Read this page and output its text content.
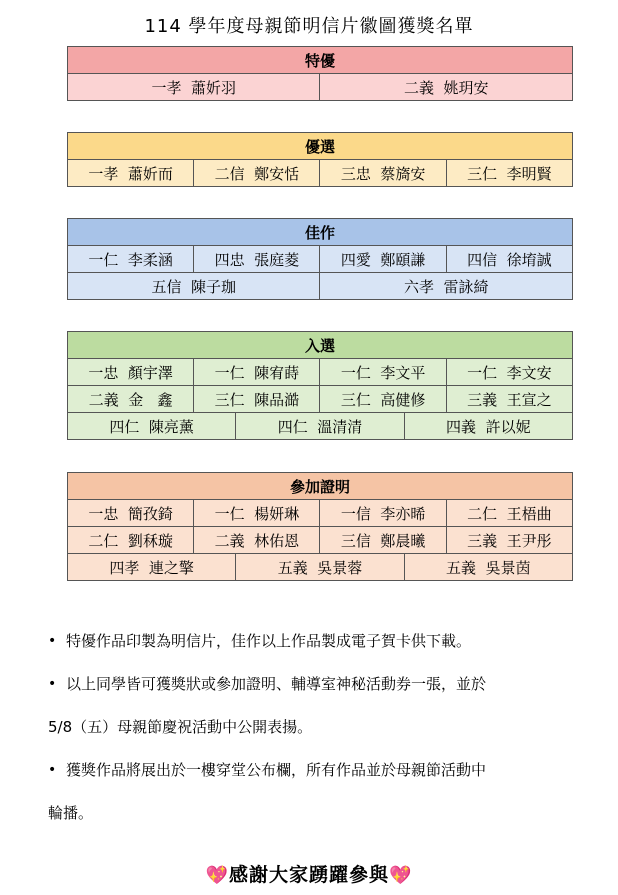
114 學年度母親節明信片徽圖獲獎名單
特優
一孝  蕭妡羽	二義  姚玥安
優選
一孝  蕭妡而	二信  鄭安恬	三忠  蔡旖安	三仁  李明賢
佳作			
一仁  李柔涵	四忠  張庭菱	四愛  鄭頤謙	四信  徐堉誠
五信  陳子珈		六孝  雷詠綺	
入選					
一忠  顏宇澤	一仁  陳宥蒔		一仁  李文平		一仁  李文安
二義  金   鑫	三仁  陳品澔		三仁  高健修		三義  王宣之
四仁  陳亮薰		四仁  溫清清		四義  許以妮	
參加證明					
一忠  簡孜錡	一仁  楊妍琳		一信  李亦晞		二仁  王梧曲
二仁  劉秝璇	二義  林佑恩		三信  鄭晨曦		三義  王尹彤
四孝  連之擎		五義  吳景蓉		五義  吳景茵	
• 特優作品印製為明信片，佳作以上作品製成電子賀卡供下載。
• 以上同學皆可獲獎狀或參加證明、輔導室神秘活動券一張，並於
5/8（五）母親節慶祝活動中公開表揚。
• 獲獎作品將展出於一樓穿堂公布欄，所有作品並於母親節活動中
輪播。
💖感謝大家踴躍參與💖
